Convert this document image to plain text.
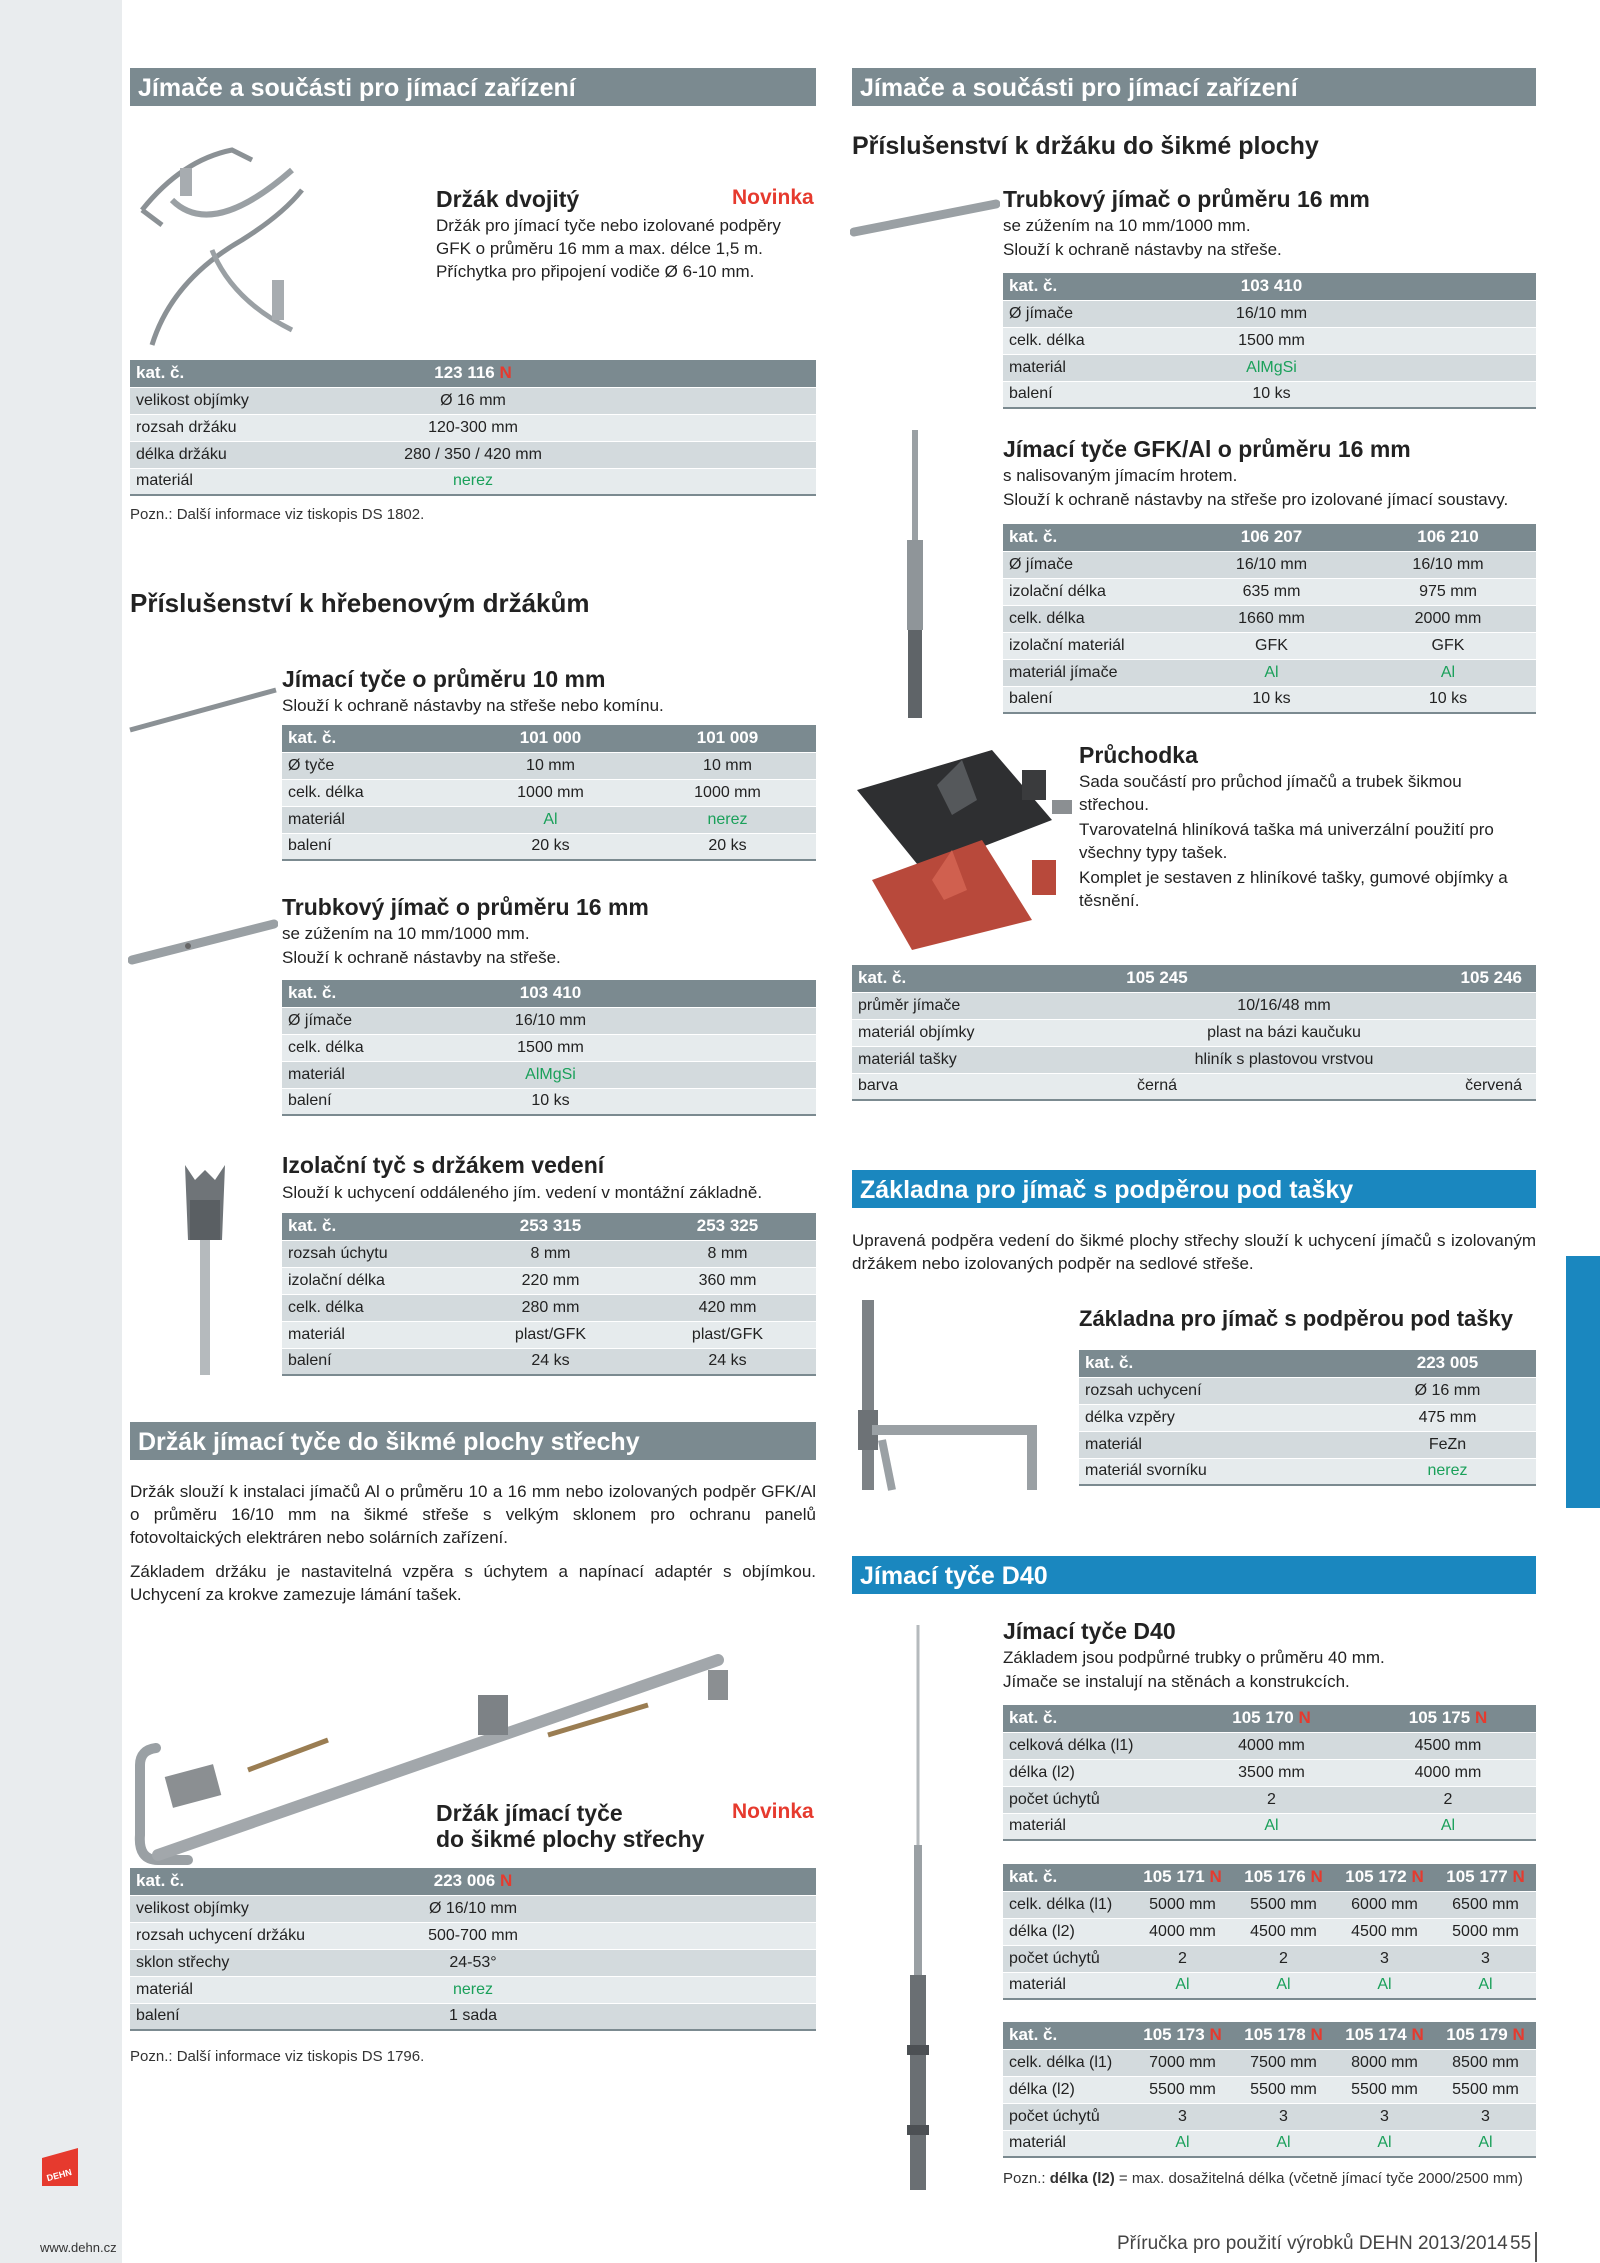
Jímače a součásti pro jímací zařízení
Držák dvojitý	Novinka
Držák pro jímací tyče nebo izolované podpěry GFK o průměru 16 mm a max. délce 1,5 m. Příchytka pro připojení vodiče Ø 6-10 mm.
kat. č.	123 116 N	
velikost objímky	Ø 16 mm	
rozsah držáku	120-300 mm	
délka držáku	280 / 350 / 420 mm	
materiál	nerez	
Pozn.: Další informace viz tiskopis DS 1802.
Příslušenství k hřebenovým držákům
Jímací tyče o průměru 10 mm
Slouží k ochraně nástavby na střeše nebo komínu.
kat. č.	101 000	101 009
Ø tyče	10 mm	10 mm
celk. délka	1000 mm	1000 mm
materiál	Al	nerez
balení	20 ks	20 ks
Trubkový jímač o průměru 16 mm
se zúžením na 10 mm/1000 mm.
Slouží k ochraně nástavby na střeše.
kat. č.	103 410	
Ø jímače	16/10 mm	
celk. délka	1500 mm	
materiál	AlMgSi	
balení	10 ks	
Izolační tyč s držákem vedení
Slouží k uchycení oddáleného jím. vedení v montážní základně.
kat. č.	253 315	253 325
rozsah úchytu	8 mm	8 mm
izolační délka	220 mm	360 mm
celk. délka	280 mm	420 mm
materiál	plast/GFK	plast/GFK
balení	24 ks	24 ks
Držák jímací tyče do šikmé plochy střechy
Držák slouží k instalaci jímačů Al o průměru 10 a 16 mm nebo izolovaných podpěr GFK/Al o průměru 16/10 mm na šikmé střeše s velkým sklonem pro ochranu panelů fotovoltaických elektráren nebo solárních zařízení.
Základem držáku je nastavitelná vzpěra s úchytem a napínací adaptér s objímkou. Uchycení za krokve zamezuje lámání tašek.
Držák jímací tyče
do šikmé plochy střechy
Novinka
kat. č.	223 006 N	
velikost objímky	Ø 16/10 mm	
rozsah uchycení držáku	500-700 mm	
sklon střechy	24-53°	
materiál	nerez	
balení	1 sada	
Pozn.: Další informace viz tiskopis DS 1796.
DEHN
www.dehn.cz
Jímače a součásti pro jímací zařízení
Příslušenství k držáku do šikmé plochy
Trubkový jímač o průměru 16 mm
se zúžením na 10 mm/1000 mm.
Slouží k ochraně nástavby na střeše.
kat. č.	103 410	
Ø jímače	16/10 mm	
celk. délka	1500 mm	
materiál	AlMgSi	
balení	10 ks	
Jímací tyče GFK/Al o průměru 16 mm
s nalisovaným jímacím hrotem.
Slouží k ochraně nástavby na střeše pro izolované jímací soustavy.
kat. č.	106 207	106 210
Ø jímače	16/10 mm	16/10 mm
izolační délka	635 mm	975 mm
celk. délka	1660 mm	2000 mm
izolační materiál	GFK	GFK
materiál jímače	Al	Al
balení	10 ks	10 ks
Průchodka
Sada součástí pro průchod jímačů a trubek šikmou střechou.
Tvarovatelná hliníková taška má univerzální použití pro všechny typy tašek.
Komplet je sestaven z hliníkové tašky, gumové objímky a těsnění.
kat. č.	105 245	105 246
průměr jímače	10/16/48 mm	
materiál objímky	plast na bázi kaučuku	
materiál tašky	hliník s plastovou vrstvou	
barva	černá	červená
Základna pro jímač s podpěrou pod tašky
Upravená podpěra vedení do šikmé plochy střechy slouží k uchycení jímačů s izolovaným držákem nebo izolovaných podpěr na sedlové střeše.
Základna pro jímač s podpěrou pod tašky
kat. č.		223 005
rozsah uchycení		Ø 16 mm
délka vzpěry		475 mm
materiál		FeZn
materiál svorníku		nerez
Jímací tyče D40
Jímací tyče D40
Základem jsou podpůrné trubky o průměru 40 mm.
Jímače se instalují na stěnách a konstrukcích.
kat. č.	105 170 N	105 175 N
celková délka (l1)	4000 mm	4500 mm
délka (l2)	3500 mm	4000 mm
počet úchytů	2	2
materiál	Al	Al
kat. č.	105 171 N	105 176 N	105 172 N	105 177 N
celk. délka (l1)	5000 mm	5500 mm	6000 mm	6500 mm
délka (l2)	4000 mm	4500 mm	4500 mm	5000 mm
počet úchytů	2	2	3	3
materiál	Al	Al	Al	Al
kat. č.	105 173 N	105 178 N	105 174 N	105 179 N
celk. délka (l1)	7000 mm	7500 mm	8000 mm	8500 mm
délka (l2)	5500 mm	5500 mm	5500 mm	5500 mm
počet úchytů	3	3	3	3
materiál	Al	Al	Al	Al
Pozn.: délka (l2) = max. dosažitelná délka (včetně jímací tyče 2000/2500 mm)
Příručka pro použití výrobků DEHN 2013/2014 55
